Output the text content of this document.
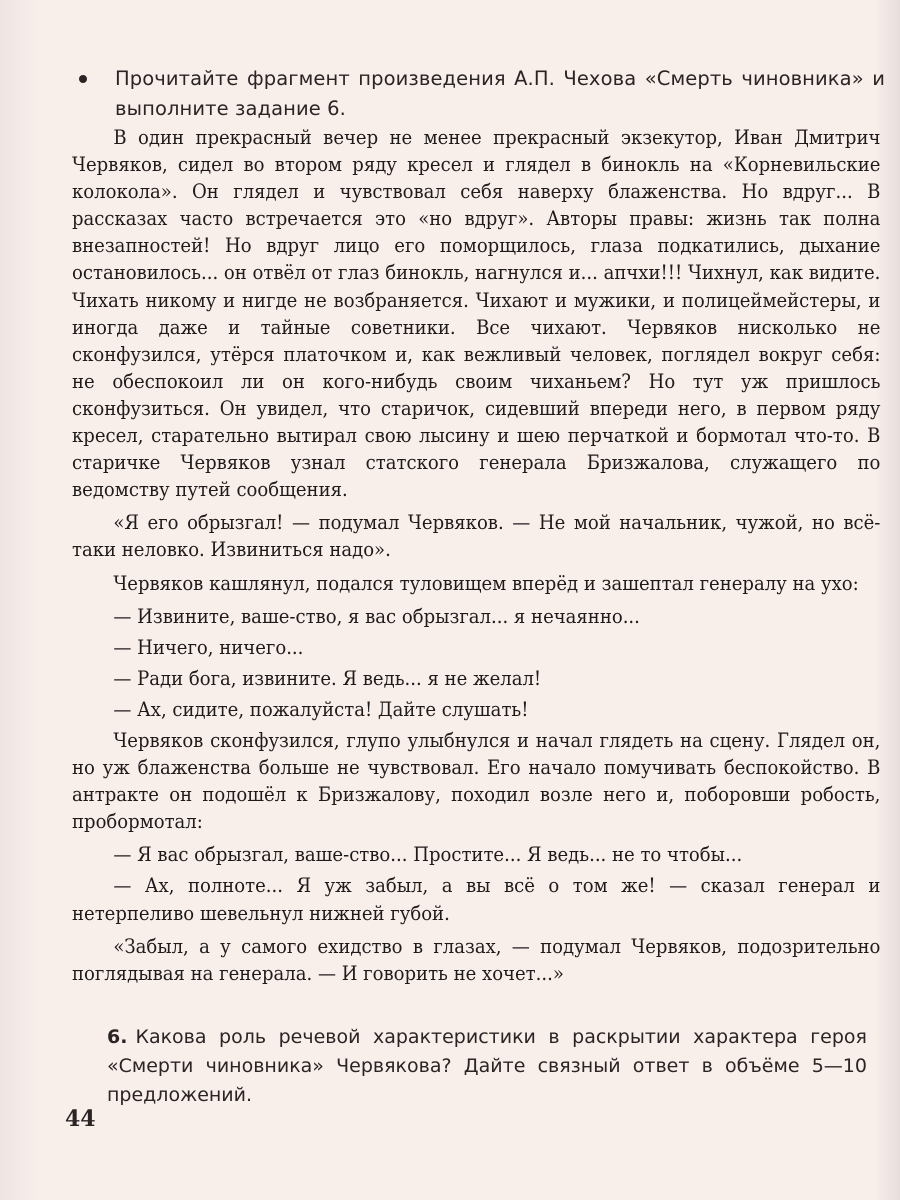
Прочитайте фрагмент произведения А.П. Чехова «Смерть чиновника» и выполните задание 6.

В один прекрасный вечер не менее прекрасный экзекутор, Иван Дмитрич Червяков, сидел во втором ряду кресел и глядел в бинокль на «Корневильские колокола». Он глядел и чувствовал себя наверху блаженства. Но вдруг... В рассказах часто встречается это «но вдруг». Авторы правы: жизнь так полна внезапностей! Но вдруг лицо его поморщилось, глаза подкатились, дыхание остановилось... он отвёл от глаз бинокль, нагнулся и... апчхи!!! Чихнул, как видите. Чихать никому и нигде не возбраняется. Чихают и мужики, и полицеймейстеры, и иногда даже и тайные советники. Все чихают. Червяков нисколько не сконфузился, утёрся платочком и, как вежливый человек, поглядел вокруг себя: не обеспокоил ли он кого-нибудь своим чиханьем? Но тут уж пришлось сконфузиться. Он увидел, что старичок, сидевший впереди него, в первом ряду кресел, старательно вытирал свою лысину и шею перчаткой и бормотал что-то. В старичке Червяков узнал статского генерала Бризжалова, служащего по ведомству путей сообщения.

«Я его обрызгал! — подумал Червяков. — Не мой начальник, чужой, но всё-таки неловко. Извиниться надо».

Червяков кашлянул, подался туловищем вперёд и зашептал генералу на ухо:

— Извините, ваше-ство, я вас обрызгал... я нечаянно...

— Ничего, ничего...

— Ради бога, извините. Я ведь... я не желал!

— Ах, сидите, пожалуйста! Дайте слушать!

Червяков сконфузился, глупо улыбнулся и начал глядеть на сцену. Глядел он, но уж блаженства больше не чувствовал. Его начало помучивать беспокойство. В антракте он подошёл к Бризжалову, походил возле него и, поборовши робость, пробормотал:

— Я вас обрызгал, ваше-ство... Простите... Я ведь... не то чтобы...

— Ах, полноте... Я уж забыл, а вы всё о том же! — сказал генерал и нетерпеливо шевельнул нижней губой.

«Забыл, а у самого ехидство в глазах, — подумал Червяков, подозрительно поглядывая на генерала. — И говорить не хочет...»

6. Какова роль речевой характеристики в раскрытии характера героя «Смерти чиновника» Червякова? Дайте связный ответ в объёме 5—10 предложений.
44
